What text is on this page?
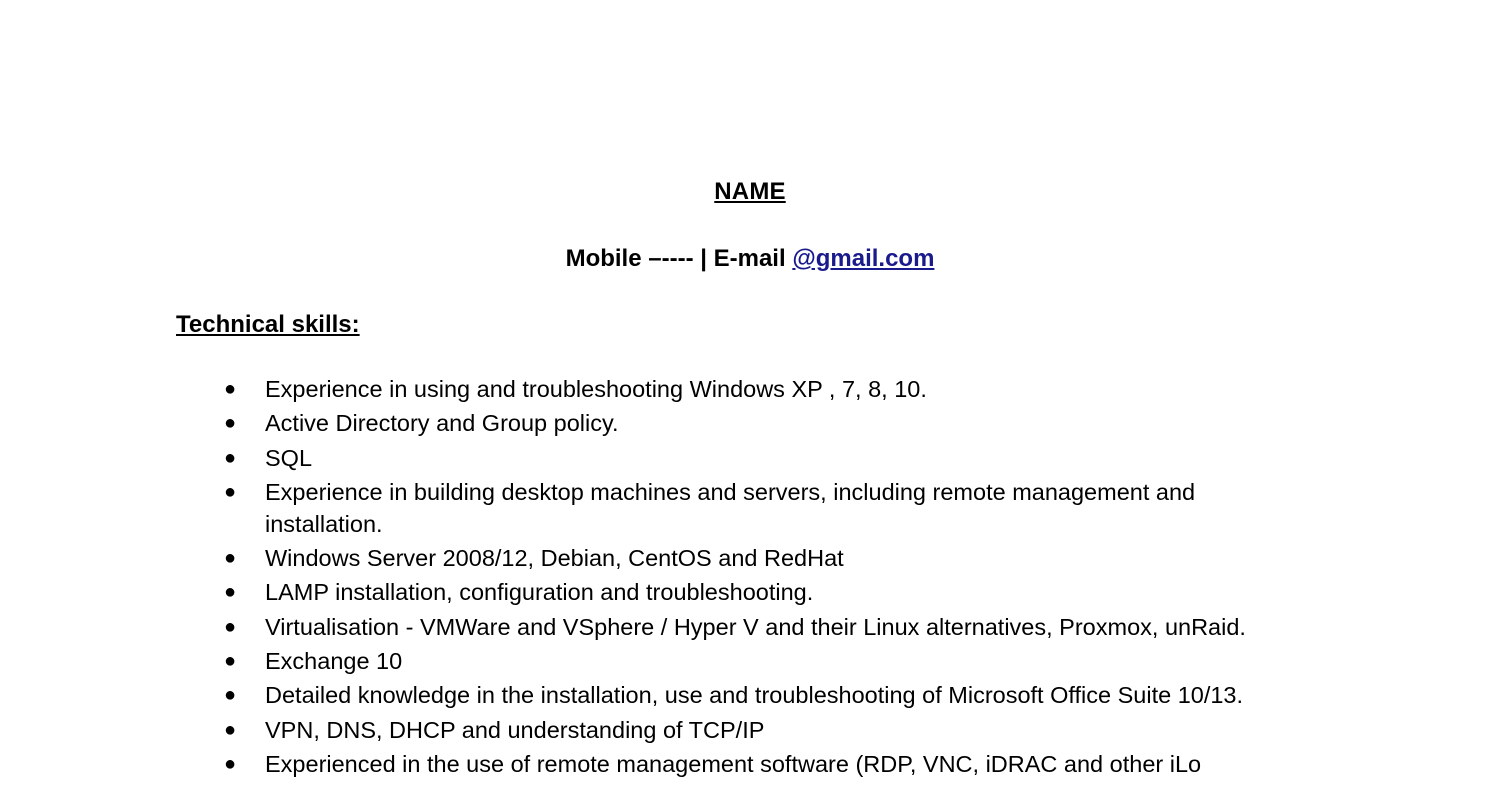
NAME
Mobile –---- | E-mail @gmail.com
Technical skills:
●
Experience in using and troubleshooting Windows XP , 7, 8, 10.
●
Active Directory and Group policy.
●
SQL
●
Experience in building desktop machines and servers, including remote management and installation.
●
Windows Server 2008/12, Debian, CentOS and RedHat
●
LAMP installation, configuration and troubleshooting.
●
Virtualisation - VMWare and VSphere / Hyper V and their Linux alternatives, Proxmox, unRaid.
●
Exchange 10
●
Detailed knowledge in the installation, use and troubleshooting of Microsoft Office Suite 10/13.
●
VPN, DNS, DHCP and understanding of TCP/IP
●
Experienced in the use of remote management software (RDP, VNC, iDRAC and other iLo
